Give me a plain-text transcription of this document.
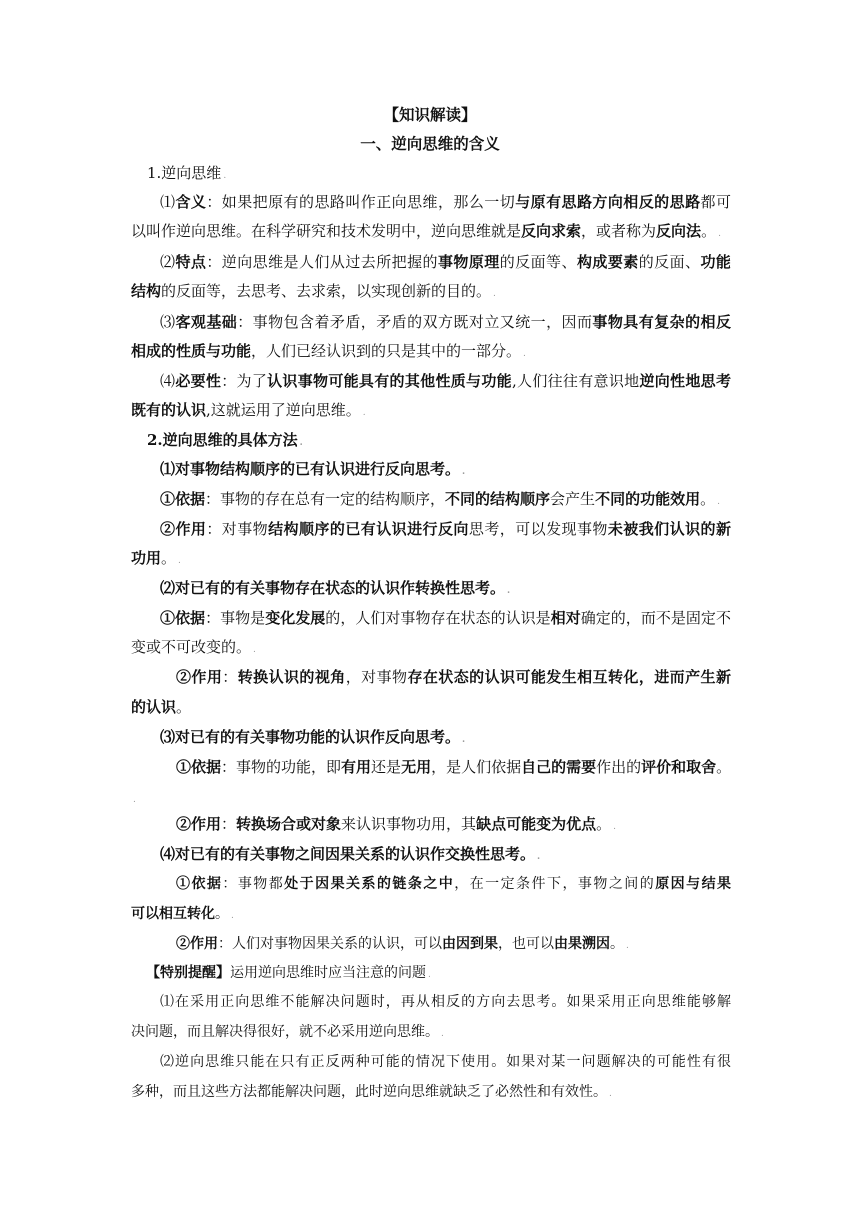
【知识解读】
一、逆向思维的含义
1.逆向思维 .
⑴含义：如果把原有的思路叫作正向思维，那么一切与原有思路方向相反的思路都可
以叫作逆向思维。在科学研究和技术发明中，逆向思维就是反向求索，或者称为反向法。 .
⑵特点：逆向思维是人们从过去所把握的事物原理的反面等、构成要素的反面、功能
结构的反面等，去思考、去求索，以实现创新的目的。 .
⑶客观基础：事物包含着矛盾，矛盾的双方既对立又统一，因而事物具有复杂的相反
相成的性质与功能，人们已经认识到的只是其中的一部分。 .
⑷必要性：为了认识事物可能具有的其他性质与功能,人们往往有意识地逆向性地思考
既有的认识,这就运用了逆向思维。 .
2.逆向思维的具体方法 .
⑴对事物结构顺序的已有认识进行反向思考。 .
①依据：事物的存在总有一定的结构顺序，不同的结构顺序会产生不同的功能效用。 .
②作用：对事物结构顺序的已有认识进行反向思考，可以发现事物未被我们认识的新
功用。 .
⑵对已有的有关事物存在状态的认识作转换性思考。 .
①依据：事物是变化发展的，人们对事物存在状态的认识是相对确定的，而不是固定不
变或不可改变的。 .
②作用：转换认识的视角，对事物存在状态的认识可能发生相互转化，进而产生新
的认识。
⑶对已有的有关事物功能的认识作反向思考。 .
①依据：事物的功能，即有用还是无用，是人们依据自己的需要作出的评价和取舍。
.
②作用：转换场合或对象来认识事物功用，其缺点可能变为优点。 .
⑷对已有的有关事物之间因果关系的认识作交换性思考。 .
①依据：事物都处于因果关系的链条之中，在一定条件下，事物之间的原因与结果
可以相互转化。 .
②作用：人们对事物因果关系的认识，可以由因到果，也可以由果溯因。 .
【特别提醒】运用逆向思维时应当注意的问题 .
⑴在采用正向思维不能解决问题时，再从相反的方向去思考。如果采用正向思维能够解
决问题，而且解决得很好，就不必采用逆向思维。 .
⑵逆向思维只能在只有正反两种可能的情况下使用。如果对某一问题解决的可能性有很
多种，而且这些方法都能解决问题，此时逆向思维就缺乏了必然性和有效性。 .
